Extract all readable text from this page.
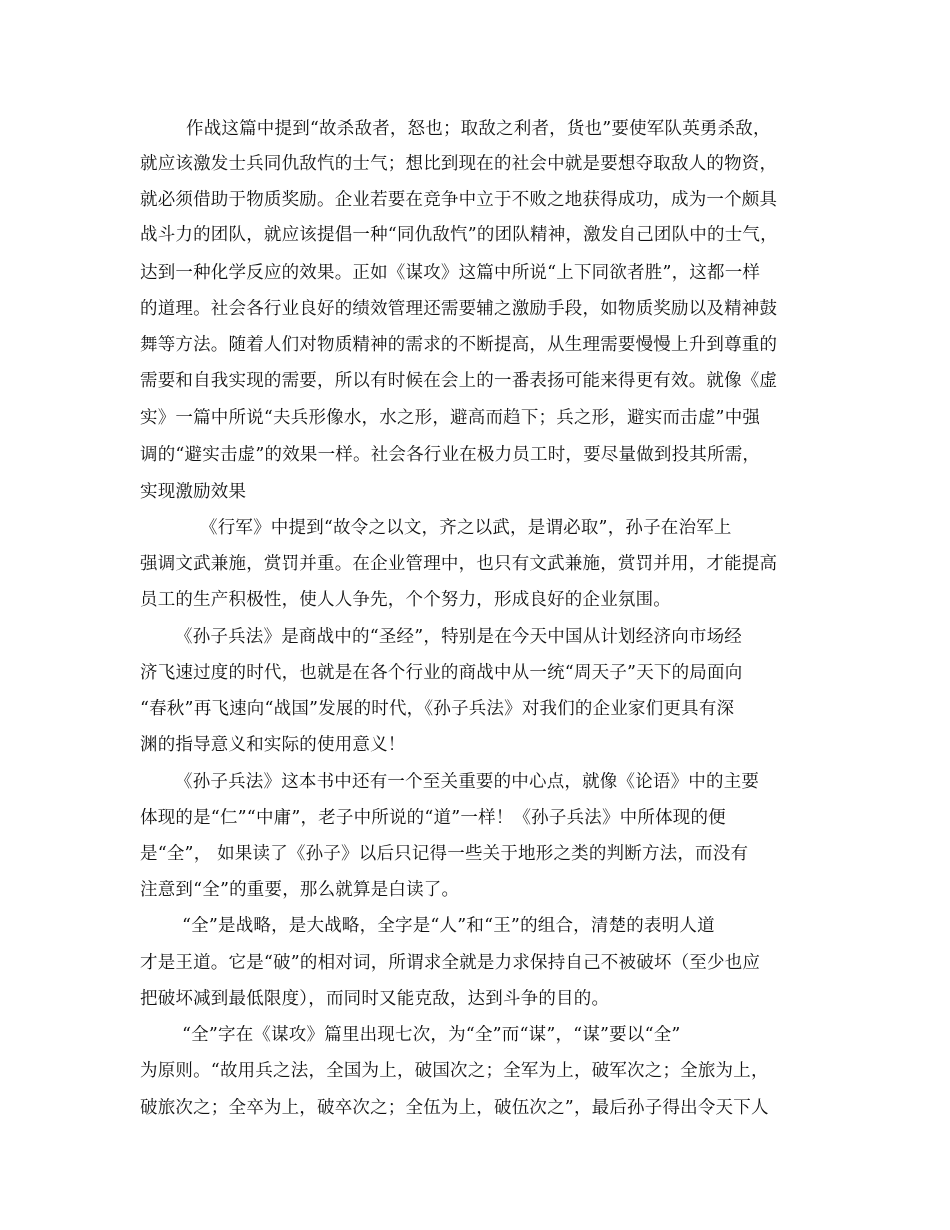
作战这篇中提到“故杀敌者，怒也；取敌之利者，货也”要使军队英勇杀敌，
就应该激发士兵同仇敌忾的士气；想比到现在的社会中就是要想夺取敌人的物资，
就必须借助于物质奖励。企业若要在竞争中立于不败之地获得成功，成为一个颇具
战斗力的团队，就应该提倡一种“同仇敌忾”的团队精神，激发自己团队中的士气，
达到一种化学反应的效果。正如《谋攻》这篇中所说“上下同欲者胜”，这都一样
的道理。社会各行业良好的绩效管理还需要辅之激励手段，如物质奖励以及精神鼓
舞等方法。随着人们对物质精神的需求的不断提高，从生理需要慢慢上升到尊重的
需要和自我实现的需要，所以有时候在会上的一番表扬可能来得更有效。就像《虚
实》一篇中所说“夫兵形像水，水之形，避高而趋下；兵之形，避实而击虚”中强
调的“避实击虚”的效果一样。社会各行业在极力员工时，要尽量做到投其所需，
实现激励效果
《行军》中提到“故令之以文，齐之以武，是谓必取”，孙子在治军上
强调文武兼施，赏罚并重。在企业管理中，也只有文武兼施，赏罚并用，才能提高
员工的生产积极性，使人人争先，个个努力，形成良好的企业氛围。
《孙子兵法》是商战中的“圣经”，特别是在今天中国从计划经济向市场经
济飞速过度的时代，也就是在各个行业的商战中从一统“周天子”天下的局面向
“春秋”再飞速向“战国”发展的时代，《孙子兵法》对我们的企业家们更具有深
渊的指导意义和实际的使用意义！
《孙子兵法》这本书中还有一个至关重要的中心点，就像《论语》中的主要
体现的是“仁”“中庸”，老子中所说的“道”一样！《孙子兵法》中所体现的便
是“全”， 如果读了《孙子》以后只记得一些关于地形之类的判断方法，而没有
注意到“全”的重要，那么就算是白读了。
“全”是战略，是大战略，全字是“人”和“王”的组合，清楚的表明人道
才是王道。它是“破”的相对词，所谓求全就是力求保持自己不被破坏（至少也应
把破坏减到最低限度），而同时又能克敌，达到斗争的目的。
“全”字在《谋攻》篇里出现七次，为“全”而“谋”，“谋”要以“全”
为原则。“故用兵之法，全国为上，破国次之；全军为上，破军次之；全旅为上，
破旅次之；全卒为上，破卒次之；全伍为上，破伍次之”，最后孙子得出令天下人
